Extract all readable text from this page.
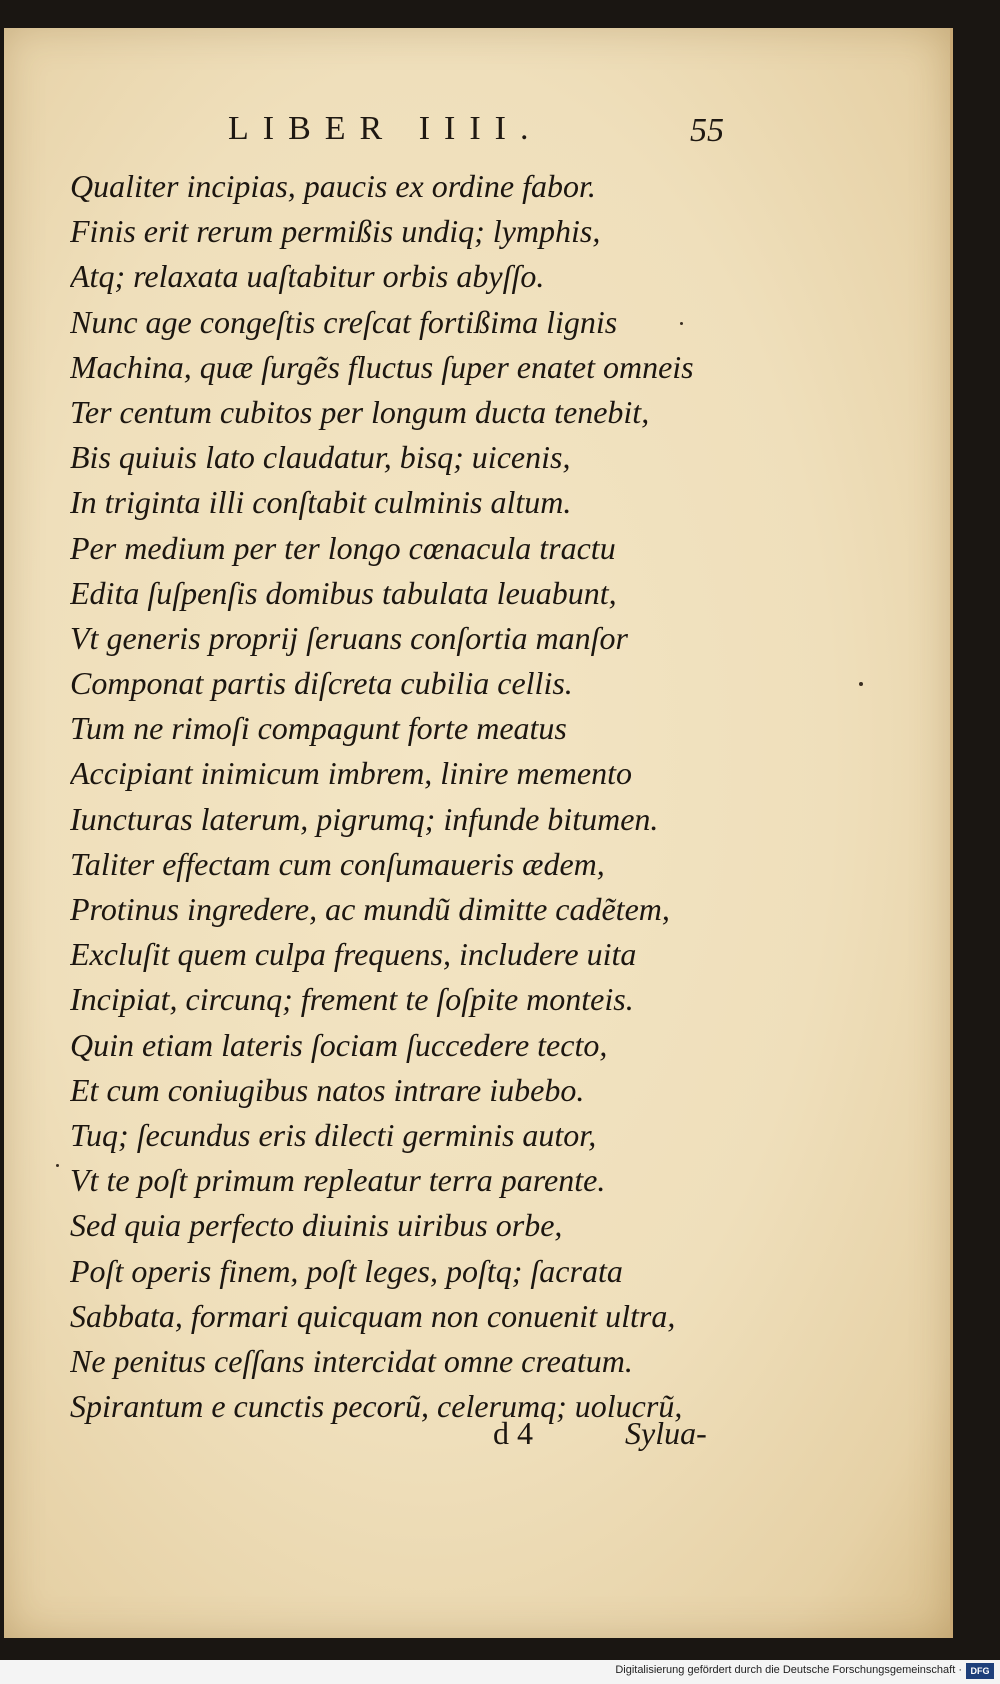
LIBER IIII.	55
Qualiter incipias, paucis ex ordine fabor.
Finis erit rerum permißis undiq; lymphis,
Atq; relaxata uaſtabitur orbis abyſſo.
Nunc age congeſtis creſcat fortißima lignis
Machina, quæ ſurgẽs fluctus ſuper enatet omneis
Ter centum cubitos per longum ducta tenebit,
Bis quiuis lato claudatur, bisq; uicenis,
In triginta illi conſtabit culminis altum.
Per medium per ter longo cœnacula tractu
Edita ſuſpenſis domibus tabulata leuabunt,
Vt generis proprij ſeruans conſortia manſor
Componat partis diſcreta cubilia cellis.
Tum ne rimoſi compagunt forte meatus
Accipiant inimicum imbrem, linire memento
Iuncturas laterum, pigrumq; infunde bitumen.
Taliter effectam cum conſumaueris ædem,
Protinus ingredere, ac mundũ dimitte cadẽtem,
Excluſit quem culpa frequens, includere uita
Incipiat, circunq; frement te ſoſpite monteis.
Quin etiam lateris ſociam ſuccedere tecto,
Et cum coniugibus natos intrare iubebo.
Tuq; ſecundus eris dilecti germinis autor,
Vt te poſt primum repleatur terra parente.
Sed quia perfecto diuinis uiribus orbe,
Poſt operis finem, poſt leges, poſtq; ſacrata
Sabbata, formari quicquam non conuenit ultra,
Ne penitus ceſſans intercidat omne creatum.
Spirantum e cunctis pecorũ, celerumq; uolucrũ,
d 4	Sylua-
Digitalisierung gefördert durch die Deutsche Forschungsgemeinschaft · DFG
